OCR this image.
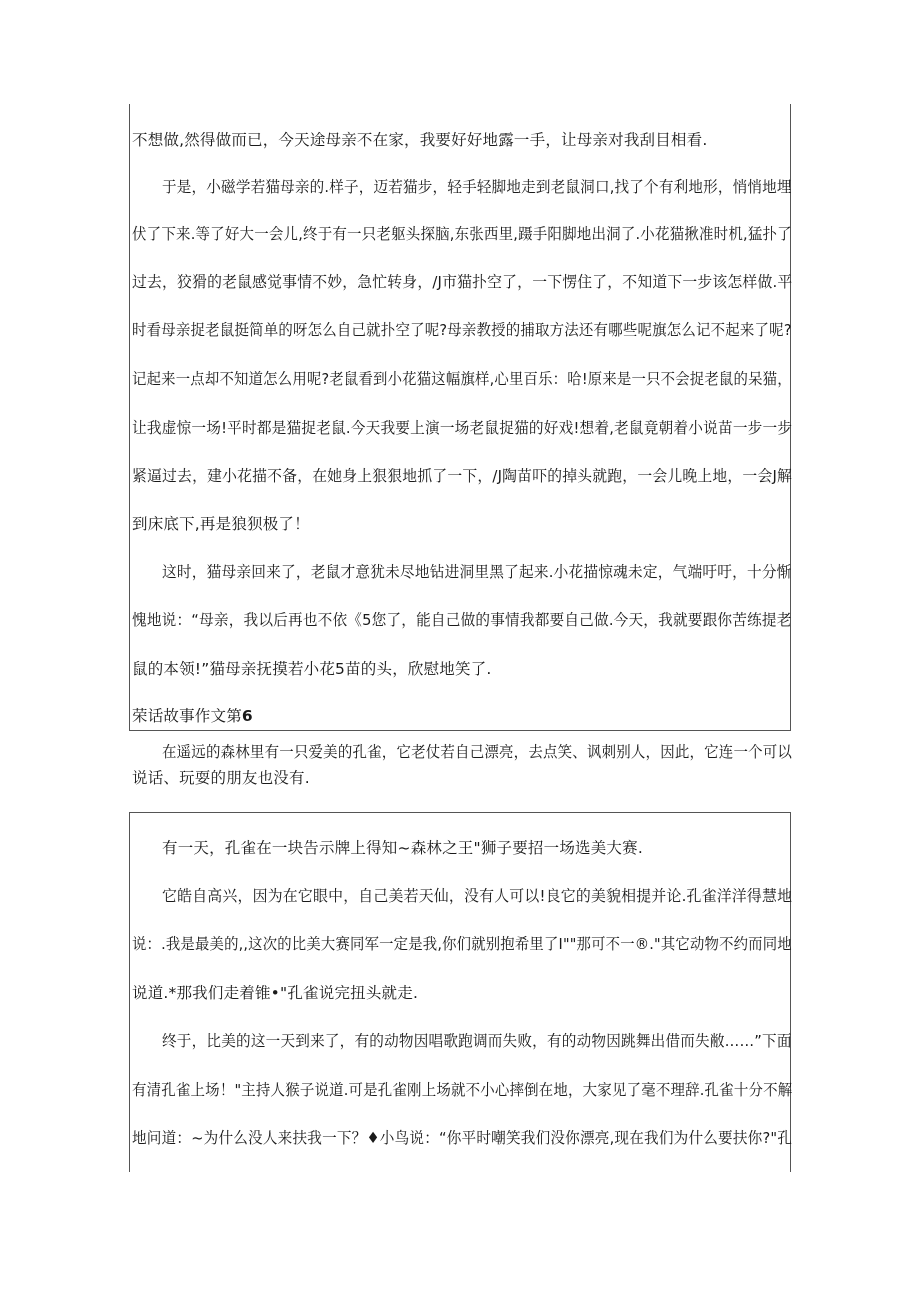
不想做,然得做而已，今天途母亲不在家，我要好好地露一手，让母亲对我刮目相看.
于是，小磁学若猫母亲的.样子，迈若猫步，轻手轻脚地走到老鼠洞口,找了个有利地形，悄悄地埋
伏了下来.等了好大一会儿,终于有一只老躯头探脑,东张西里,蹑手阳脚地出洞了.小花猫揪准时机,猛扑了
过去，狡猾的老鼠感觉事情不妙，急忙转身，/J市猫扑空了，一下愣住了，不知道下一步该怎样做.平
时看母亲捉老鼠挺简单的呀怎么自己就扑空了呢?母亲教授的捕取方法还有哪些呢旗怎么记不起来了呢?
记起来一点却不知道怎么用呢?老鼠看到小花猫这幅旗样,心里百乐：哈!原来是一只不会捉老鼠的呆猫，
让我虚惊一场!平时都是猫捉老鼠.今天我要上演一场老鼠捉猫的好戏!想着,老鼠竟朝着小说苗一步一步
紧逼过去，建小花描不备，在她身上狠狠地抓了一下，/J陶苗吓的掉头就跑，一会儿晚上地，一会J解
到床底下,再是狼狈极了！
这时，猫母亲回来了，老鼠才意犹未尽地钻进洞里黑了起来.小花描惊魂未定，气端吁吁，十分惭
愧地说：“母亲，我以后再也不依《5您了，能自己做的事情我都要自己做.今天，我就要跟你苦练提老
鼠的本领!”猫母亲抚摸若小花5苗的头，欣慰地笑了.
荣话故事作文第6
在遥远的森林里有一只爱美的孔雀，它老仗若自己漂亮，去点笑、讽刺别人，因此，它连一个可以
说话、玩耍的朋友也没有.
有一天，孔雀在一块告示牌上得知~森林之王"狮子要招一场选美大赛.
它皓自高兴，因为在它眼中，自己美若天仙，没有人可以!良它的美貌相提并论.孔雀洋洋得慧地
说：.我是最美的,,这次的比美大赛同军一定是我,你们就别抱希里了I""那可不一®."其它动物不约而同地
说道.*那我们走着锥•"孔雀说完扭头就走.
终于，比美的这一天到来了，有的动物因唱歌跑调而失败，有的动物因跳舞出借而失敝……”下面
有清孔雀上场！"主持人猴子说道.可是孔雀刚上场就不小心摔倒在地，大家见了毫不理辞.孔雀十分不解
地问道：~为什么没人来扶我一下？♦小鸟说：“你平时嘲笑我们没你漂亮,现在我们为什么要扶你?"孔
